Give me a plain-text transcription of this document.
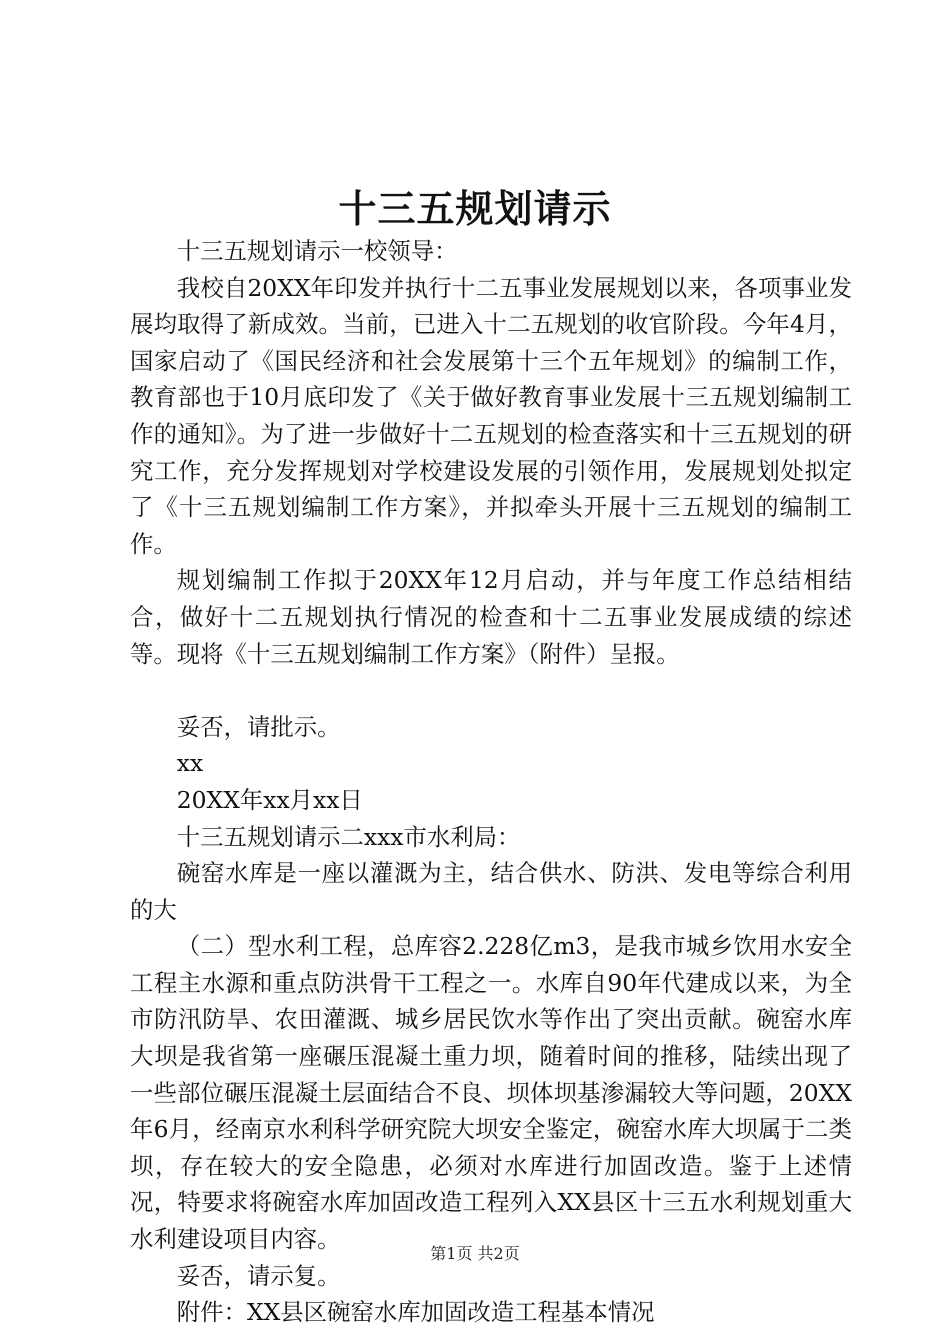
十三五规划请示

十三五规划请示一校领导：

我校自20XX年印发并执行十二五事业发展规划以来，各项事业发展均取得了新成效。当前，已进入十二五规划的收官阶段。今年4月，国家启动了《国民经济和社会发展第十三个五年规划》的编制工作，教育部也于10月底印发了《关于做好教育事业发展十三五规划编制工作的通知》。为了进一步做好十二五规划的检查落实和十三五规划的研究工作，充分发挥规划对学校建设发展的引领作用，发展规划处拟定了《十三五规划编制工作方案》，并拟牵头开展十三五规划的编制工作。

规划编制工作拟于20XX年12月启动，并与年度工作总结相结合，做好十二五规划执行情况的检查和十二五事业发展成绩的综述等。现将《十三五规划编制工作方案》（附件）呈报。

妥否，请批示。

xx

20XX年xx月xx日

十三五规划请示二xxx市水利局：

碗窑水库是一座以灌溉为主，结合供水、防洪、发电等综合利用的大

（二）型水利工程，总库容2.228亿m3，是我市城乡饮用水安全工程主水源和重点防洪骨干工程之一。水库自90年代建成以来，为全市防汛防旱、农田灌溉、城乡居民饮水等作出了突出贡献。碗窑水库大坝是我省第一座碾压混凝土重力坝，随着时间的推移，陆续出现了一些部位碾压混凝土层面结合不良、坝体坝基渗漏较大等问题，20XX年6月，经南京水利科学研究院大坝安全鉴定，碗窑水库大坝属于二类坝，存在较大的安全隐患，必须对水库进行加固改造。鉴于上述情况，特要求将碗窑水库加固改造工程列入XX县区十三五水利规划重大水利建设项目内容。

妥否，请示复。

附件：XX县区碗窑水库加固改造工程基本情况

第1页 共2页
